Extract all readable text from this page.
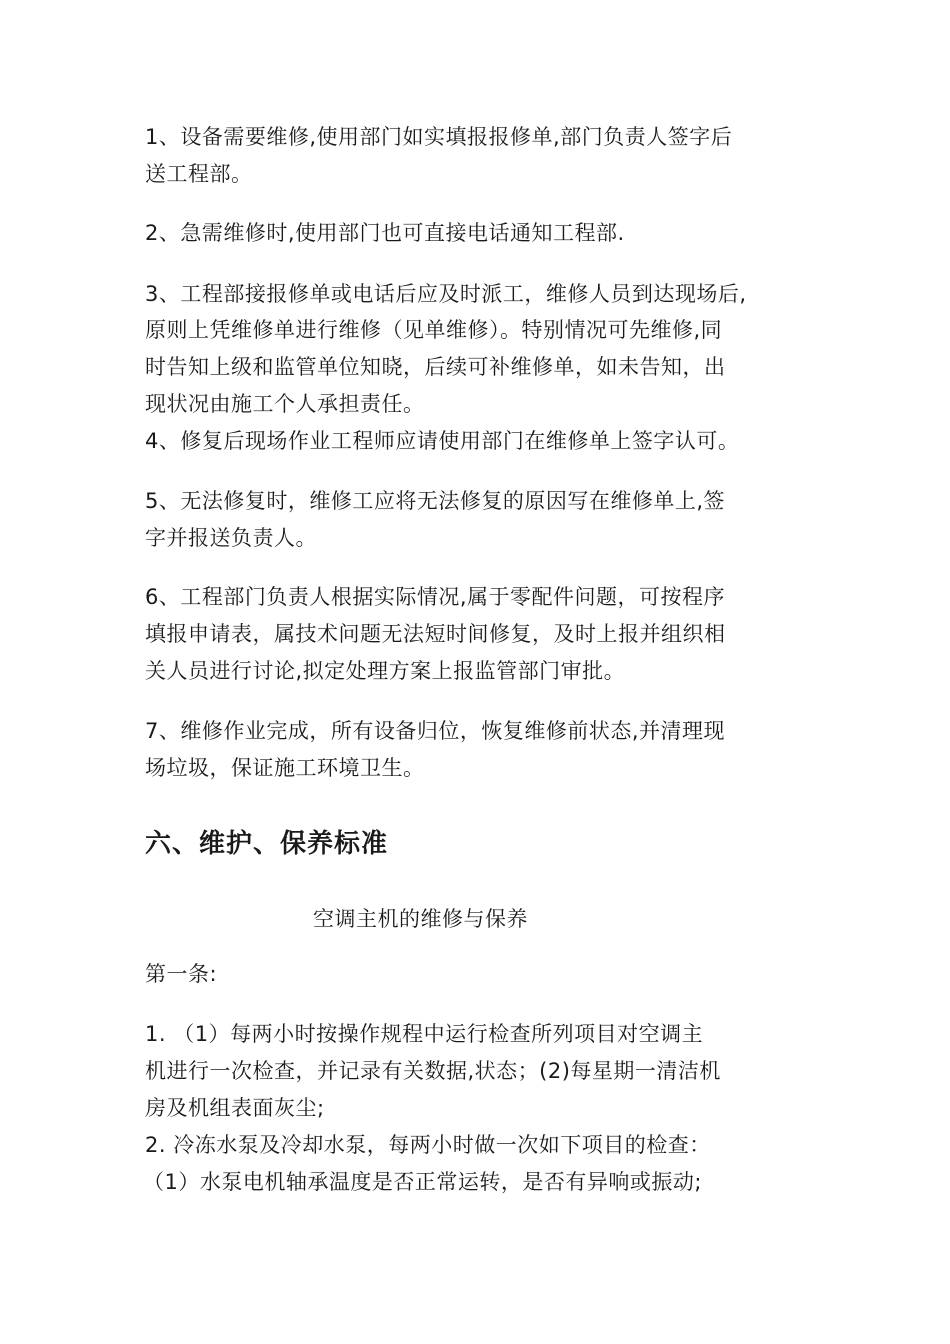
1、设备需要维修,使用部门如实填报报修单,部门负责人签字后
送工程部。
2、急需维修时,使用部门也可直接电话通知工程部.
3、工程部接报修单或电话后应及时派工，维修人员到达现场后,
原则上凭维修单进行维修（见单维修）。特别情况可先维修,同
时告知上级和监管单位知晓，后续可补维修单，如未告知，出
现状况由施工个人承担责任。
4、修复后现场作业工程师应请使用部门在维修单上签字认可。
5、无法修复时，维修工应将无法修复的原因写在维修单上,签
字并报送负责人。
6、工程部门负责人根据实际情况,属于零配件问题，可按程序
填报申请表，属技术问题无法短时间修复，及时上报并组织相
关人员进行讨论,拟定处理方案上报监管部门审批。
7、维修作业完成，所有设备归位，恢复维修前状态,并清理现
场垃圾，保证施工环境卫生。
六、维护、保养标准
空调主机的维修与保养
第一条:
1. （1）每两小时按操作规程中运行检查所列项目对空调主
机进行一次检查，并记录有关数据,状态；(2)每星期一清洁机
房及机组表面灰尘;
2. 冷冻水泵及冷却水泵，每两小时做一次如下项目的检查：
（1）水泵电机轴承温度是否正常运转，是否有异响或振动;
